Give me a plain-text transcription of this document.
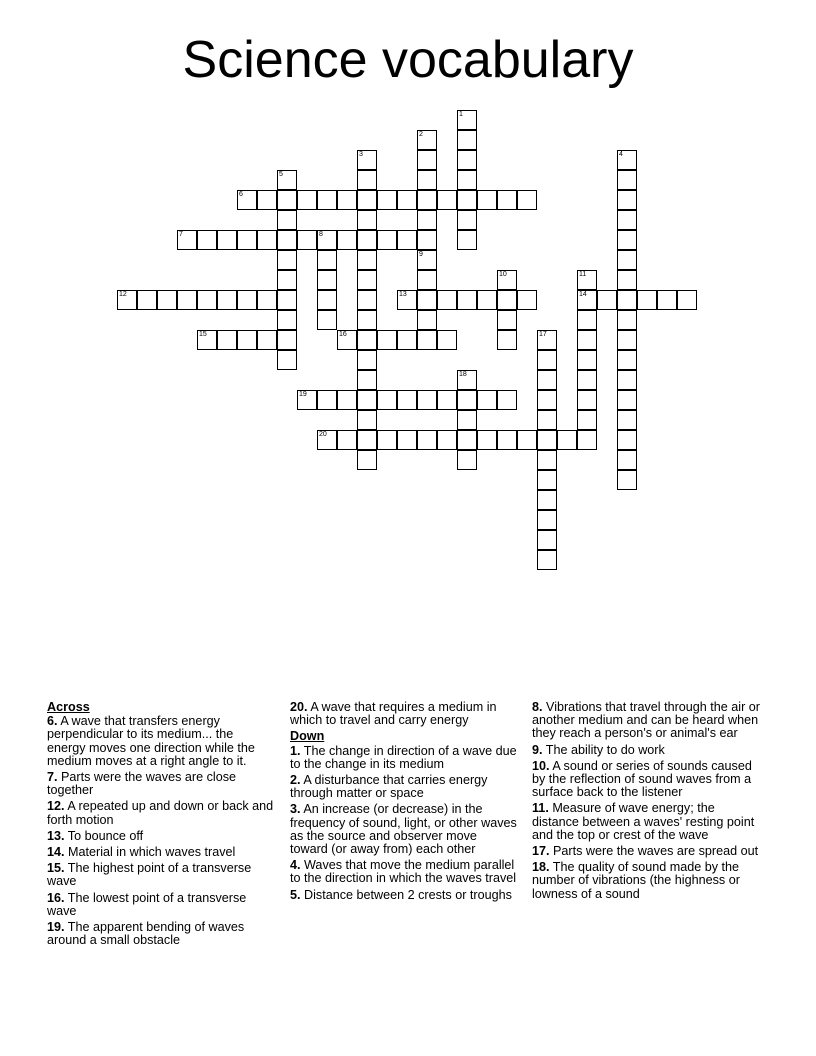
Science vocabulary
1
2
3	4
5
6
7	8
9
10	11
14
12	13
15	16	17
18
19
20
Across
6. A wave that transfers energy perpendicular to its medium... the energy moves one direction while the medium moves at a right angle to it.
7. Parts were the waves are close together
12. A repeated up and down or back and forth motion
13. To bounce off
14. Material in which waves travel
15. The highest point of a transverse wave
16. The lowest point of a transverse wave
19. The apparent bending of waves around a small obstacle
20. A wave that requires a medium in which to travel and carry energy
Down
1. The change in direction of a wave due to the change in its medium
2. A disturbance that carries energy through matter or space
3. An increase (or decrease) in the frequency of sound, light, or other waves as the source and observer move toward (or away from) each other
4. Waves that move the medium parallel to the direction in which the waves travel
5. Distance between 2 crests or troughs
8. Vibrations that travel through the air or another medium and can be heard when they reach a person's or animal's ear
9. The ability to do work
10. A sound or series of sounds caused by the reflection of sound waves from a surface back to the listener
11. Measure of wave energy; the distance between a waves' resting point and the top or crest of the wave
17. Parts were the waves are spread out
18. The quality of sound made by the number of vibrations (the highness or lowness of a sound
